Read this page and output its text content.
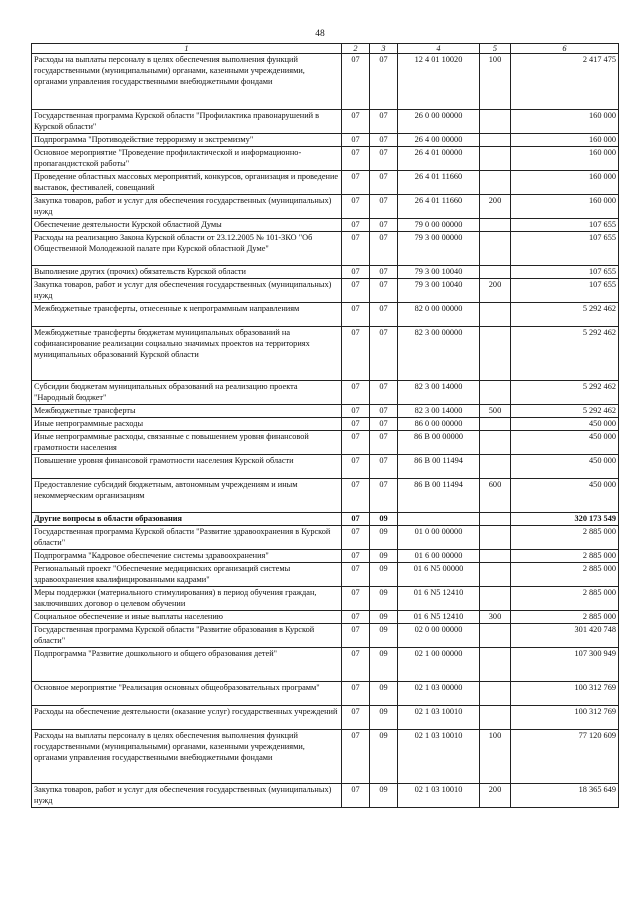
48
1	2	3	4	5	6
Расходы на выплаты персоналу в целях обеспечения выполнения функций государственными (муниципальными) органами, казенными учреждениями, органами управления государственными внебюджетными фондами	07	07	12 4 01 10020	100	2 417 475
Государственная программа Курской области "Профилактика правонарушений в Курской области"	07	07	26 0 00 00000		160 000
Подпрограмма "Противодействие терроризму и экстремизму"	07	07	26 4 00 00000		160 000
Основное мероприятие "Проведение профилактической и информационно-пропагандистской работы"	07	07	26 4 01 00000		160 000
Проведение областных массовых мероприятий, конкурсов, организация и проведение выставок, фестивалей, совещаний	07	07	26 4 01 11660		160 000
Закупка товаров, работ и услуг для обеспечения государственных (муниципальных) нужд	07	07	26 4 01 11660	200	160 000
Обеспечение деятельности Курской областной Думы	07	07	79 0 00 00000		107 655
Расходы на реализацию Закона Курской области от 23.12.2005 № 101-ЗКО "Об Общественной Молодежной палате при Курской областной Думе"	07	07	79 3 00 00000		107 655
Выполнение других (прочих) обязательств Курской области	07	07	79 3 00 10040		107 655
Закупка товаров, работ и услуг для обеспечения государственных (муниципальных) нужд	07	07	79 3 00 10040	200	107 655
Межбюджетные трансферты, отнесенные к непрограммным направлениям	07	07	82 0 00 00000		5 292 462
Межбюджетные трансферты бюджетам муниципальных образований на софинансирование реализации социально значимых проектов на территориях муниципальных образований Курской области	07	07	82 3 00 00000		5 292 462
Субсидии бюджетам муниципальных образований на реализацию проекта "Народный бюджет"	07	07	82 3 00 14000		5 292 462
Межбюджетные трансферты	07	07	82 3 00 14000	500	5 292 462
Иные непрограммные расходы	07	07	86 0 00 00000		450 000
Иные непрограммные расходы, связанные с повышением уровня финансовой грамотности населения	07	07	86 В 00 00000		450 000
Повышение уровня финансовой грамотности населения Курской области	07	07	86 В 00 11494		450 000
Предоставление субсидий бюджетным, автономным учреждениям и иным некоммерческим организациям	07	07	86 В 00 11494	600	450 000
Другие вопросы в области образования	07	09			320 173 549
Государственная программа Курской области "Развитие здравоохранения в Курской области"	07	09	01 0 00 00000		2 885 000
Подпрограмма "Кадровое обеспечение системы здравоохранения"	07	09	01 6 00 00000		2 885 000
Региональный проект "Обеспечение медицинских организаций системы здравоохранения квалифицированными кадрами"	07	09	01 6 N5 00000		2 885 000
Меры поддержки (материального стимулирования) в период обучения граждан, заключивших договор о целевом обучении	07	09	01 6 N5 12410		2 885 000
Социальное обеспечение и иные выплаты населению	07	09	01 6 N5 12410	300	2 885 000
Государственная программа Курской области "Развитие образования в Курской области"	07	09	02 0 00 00000		301 420 748
Подпрограмма "Развитие дошкольного и общего образования детей"	07	09	02 1 00 00000		107 300 949
Основное мероприятие "Реализация основных общеобразовательных программ"	07	09	02 1 03 00000		100 312 769
Расходы на обеспечение деятельности (оказание услуг) государственных учреждений	07	09	02 1 03 10010		100 312 769
Расходы на выплаты персоналу в целях обеспечения выполнения функций государственными (муниципальными) органами, казенными учреждениями, органами управления государственными внебюджетными фондами	07	09	02 1 03 10010	100	77 120 609
Закупка товаров, работ и услуг для обеспечения государственных (муниципальных) нужд	07	09	02 1 03 10010	200	18 365 649
